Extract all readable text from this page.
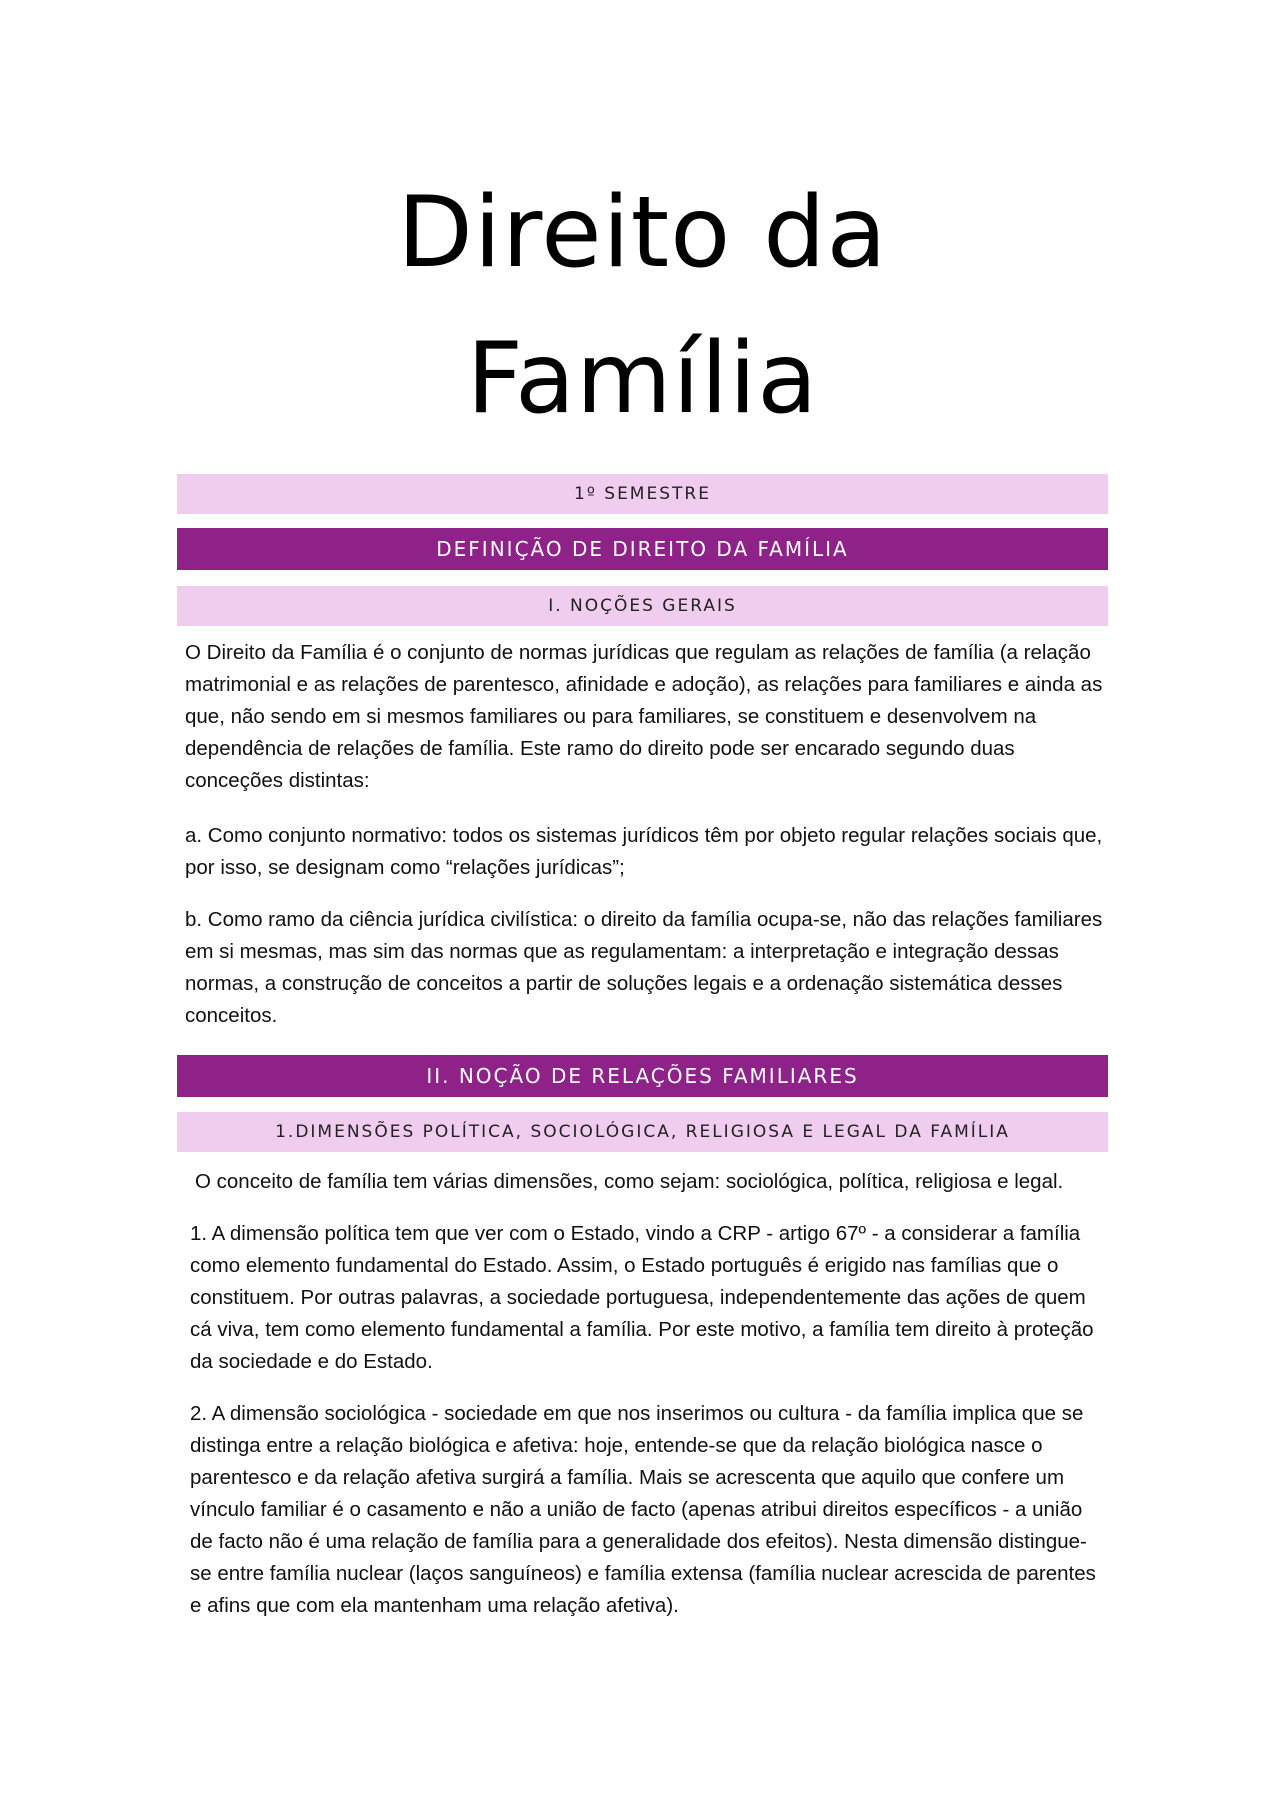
Direito da
Família
1º SEMESTRE
DEFINIÇÃO DE DIREITO DA FAMÍLIA
I. NOÇÕES GERAIS

O Direito da Família é o conjunto de normas jurídicas que regulam as relações de família (a relação matrimonial e as relações de parentesco, afinidade e adoção), as relações para familiares e ainda as que, não sendo em si mesmos familiares ou para familiares, se constituem e desenvolvem na dependência de relações de família. Este ramo do direito pode ser encarado segundo duas conceções distintas:

a. Como conjunto normativo: todos os sistemas jurídicos têm por objeto regular relações sociais que, por isso, se designam como “relações jurídicas”;

b. Como ramo da ciência jurídica civilística: o direito da família ocupa-se, não das relações familiares em si mesmas, mas sim das normas que as regulamentam: a interpretação e integração dessas normas, a construção de conceitos a partir de soluções legais e a ordenação sistemática desses conceitos.

II. NOÇÃO DE RELAÇÕES FAMILIARES
1.DIMENSÕES POLÍTICA, SOCIOLÓGICA, RELIGIOSA E LEGAL DA FAMÍLIA

O conceito de família tem várias dimensões, como sejam: sociológica, política, religiosa e legal.

1. A dimensão política tem que ver com o Estado, vindo a CRP - artigo 67º - a considerar a família como elemento fundamental do Estado. Assim, o Estado português é erigido nas famílias que o constituem. Por outras palavras, a sociedade portuguesa, independentemente das ações de quem cá viva, tem como elemento fundamental a família. Por este motivo, a família tem direito à proteção da sociedade e do Estado.

2. A dimensão sociológica - sociedade em que nos inserimos ou cultura - da família implica que se distinga entre a relação biológica e afetiva: hoje, entende-se que da relação biológica nasce o parentesco e da relação afetiva surgirá a família. Mais se acrescenta que aquilo que confere um vínculo familiar é o casamento e não a união de facto (apenas atribui direitos específicos - a união de facto não é uma relação de família para a generalidade dos efeitos). Nesta dimensão distingue-se entre família nuclear (laços sanguíneos) e família extensa (família nuclear acrescida de parentes e afins que com ela mantenham uma relação afetiva).
